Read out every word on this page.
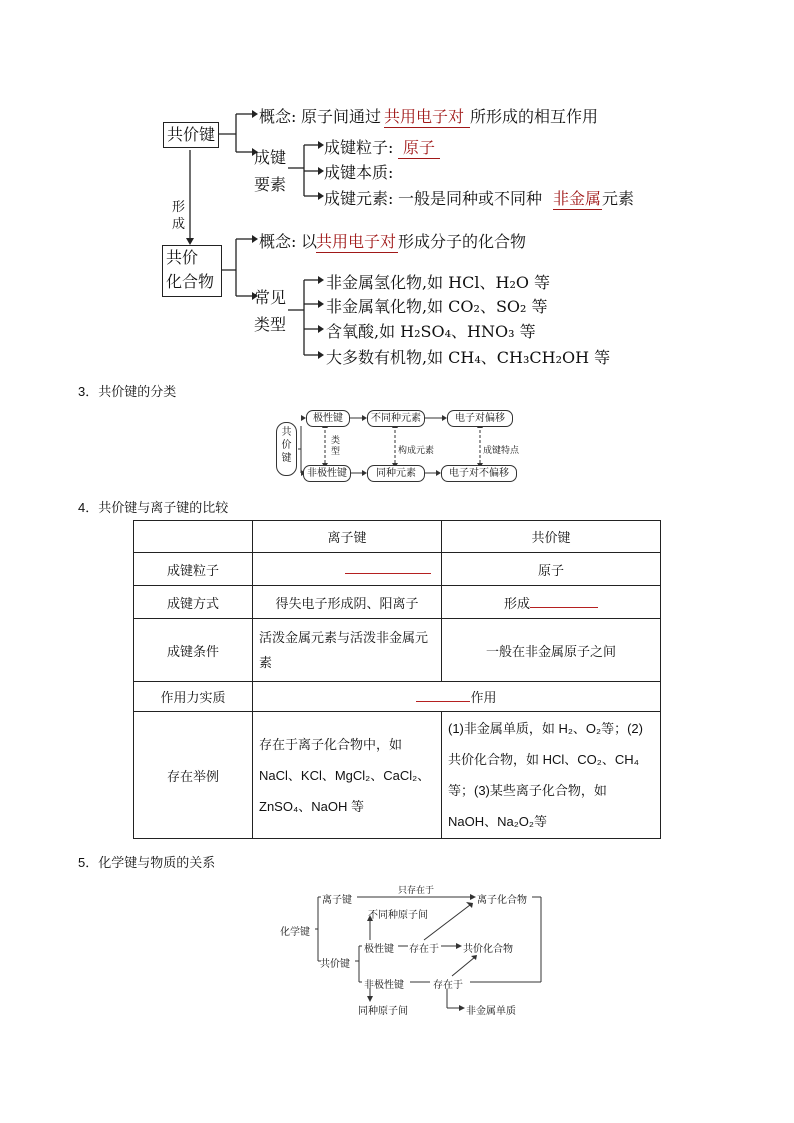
共价键
概念: 原子间通过 共用电子对 所形成的相互作用
成键
要素
成键粒子: 原子
成键本质:
成键元素: 一般是同种或不同种 非金属 元素
形
成
共价
化合物
概念: 以
共用电子对 形成分子的化合物
常见
类型
非金属氢化物,如 HCl、H₂O 等
非金属氧化物,如 CO₂、SO₂ 等
含氧酸,如 H₂SO₄、HNO₃ 等
大多数有机物,如 CH₄、CH₃CH₂OH 等
3．共价键的分类
共价键
极性键
非极性键
不同种元素
同种元素
电子对偏移
电子对不偏移
类型	构成元素	成键特点
4．共价键与离子键的比较
	离子键	共价键
成键粒子		原子
成键方式	得失电子形成阴、阳离子	形成
成键条件	活泼金属元素与活泼非金属元素	一般在非金属原子之间
作用力实质	作用	
存在举例	存在于离子化合物中，如NaCl、KCl、MgCl₂、CaCl₂、ZnSO₄、NaOH 等	(1)非金属单质，如 H₂、O₂等；(2)共价化合物，如 HCl、CO₂、CH₄等；(3)某些离子化合物，如NaOH、Na₂O₂等
5．化学键与物质的关系
化学键
离子键
只存在于
离子化合物
不同种原子间
共价键
极性键 存在于 共价化合物
非极性键	存在于
同种原子间	非金属单质
